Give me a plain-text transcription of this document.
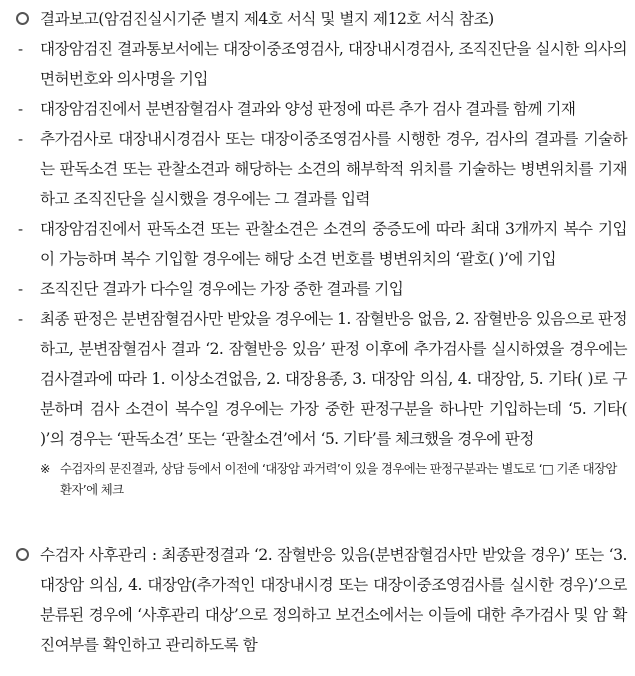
결과보고(암검진실시기준 별지 제4호 서식 및 별지 제12호 서식 참조)
- 대장암검진 결과통보서에는 대장이중조영검사, 대장내시경검사, 조직진단을 실시한 의사의 면허번호와 의사명을 기입
- 대장암검진에서 분변잠혈검사 결과와 양성 판정에 따른 추가 검사 결과를 함께 기재
- 추가검사로 대장내시경검사 또는 대장이중조영검사를 시행한 경우, 검사의 결과를 기술하는 판독소견 또는 관찰소견과 해당하는 소견의 해부학적 위치를 기술하는 병변위치를 기재하고 조직진단을 실시했을 경우에는 그 결과를 입력
- 대장암검진에서 판독소견 또는 관찰소견은 소견의 중증도에 따라 최대 3개까지 복수 기입이 가능하며 복수 기입할 경우에는 해당 소견 번호를 병변위치의 ‘괄호( )’에 기입
- 조직진단 결과가 다수일 경우에는 가장 중한 결과를 기입
- 최종 판정은 분변잠혈검사만 받았을 경우에는 1. 잠혈반응 없음, 2. 잠혈반응 있음으로 판정하고, 분변잠혈검사 결과 ‘2. 잠혈반응 있음’ 판정 이후에 추가검사를 실시하였을 경우에는 검사결과에 따라 1. 이상소견없음, 2. 대장용종, 3. 대장암 의심, 4. 대장암, 5. 기타( )로 구분하며 검사 소견이 복수일 경우에는 가장 중한 판정구분을 하나만 기입하는데 ‘5. 기타( )’의 경우는 ‘판독소견’ 또는 ‘관찰소견’에서 ‘5. 기타’를 체크했을 경우에 판정
※ 수검자의 문진결과, 상담 등에서 이전에 ‘대장암 과거력’이 있을 경우에는 판정구분과는 별도로 ‘□ 기존 대장암환자’에 체크
수검자 사후관리 : 최종판정결과 ‘2. 잠혈반응 있음(분변잠혈검사만 받았을 경우)’ 또는 ‘3. 대장암 의심, 4. 대장암(추가적인 대장내시경 또는 대장이중조영검사를 실시한 경우)’으로 분류된 경우에 ‘사후관리 대상’으로 정의하고 보건소에서는 이들에 대한 추가검사 및 암 확진여부를 확인하고 관리하도록 함
